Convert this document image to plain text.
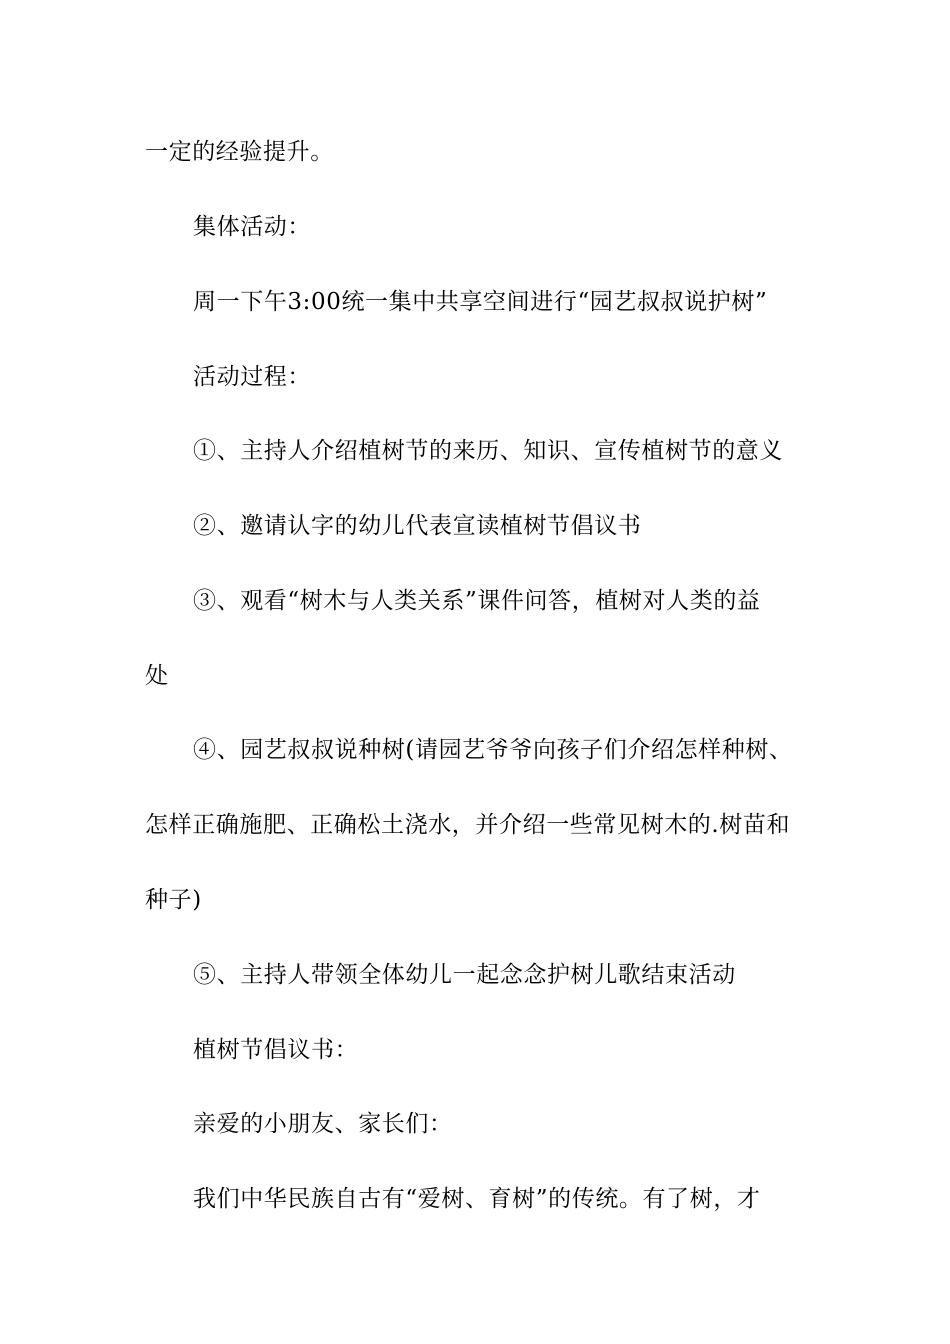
一定的经验提升。
集体活动：
周一下午3:00统一集中共享空间进行“园艺叔叔说护树”
活动过程：
①、主持人介绍植树节的来历、知识、宣传植树节的意义
②、邀请认字的幼儿代表宣读植树节倡议书
③、观看“树木与人类关系”课件问答，植树对人类的益
处
④、园艺叔叔说种树(请园艺爷爷向孩子们介绍怎样种树、
怎样正确施肥、正确松土浇水，并介绍一些常见树木的.树苗和
种子)
⑤、主持人带领全体幼儿一起念念护树儿歌结束活动
植树节倡议书：
亲爱的小朋友、家长们：
我们中华民族自古有“爱树、育树”的传统。有了树，才
